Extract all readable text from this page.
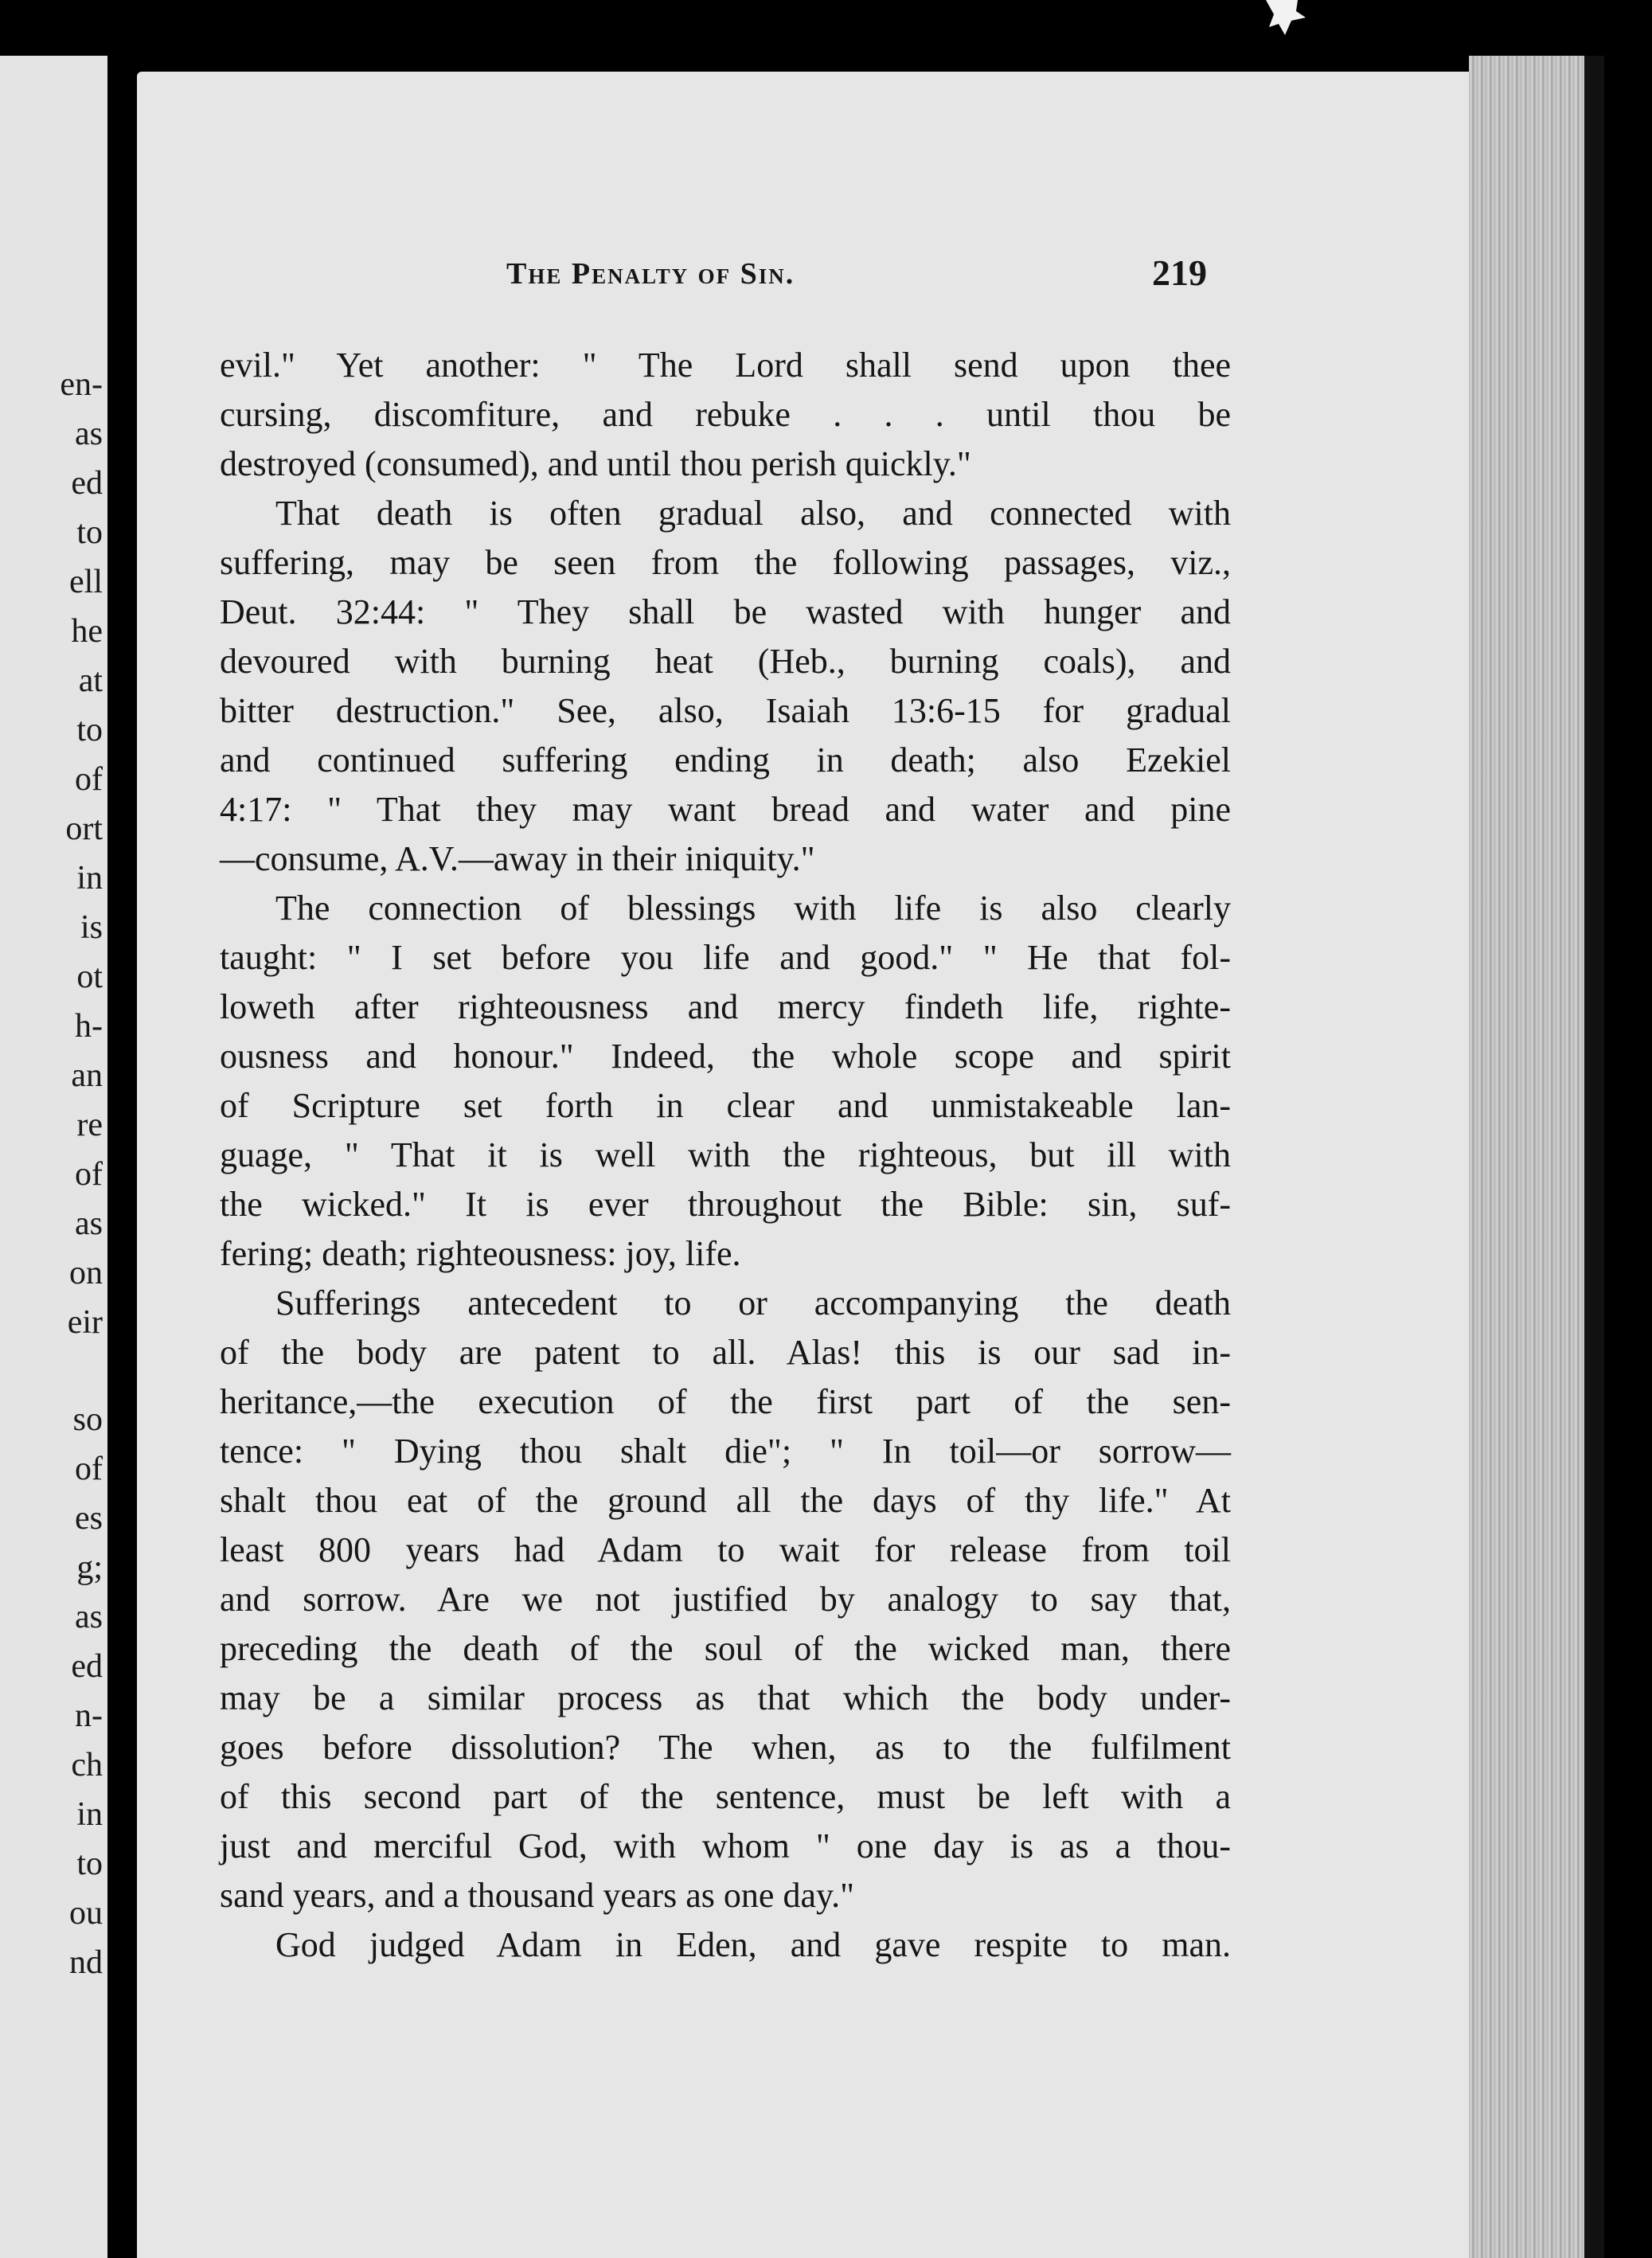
en-
as
ed
to
ell
he
at
to
of
ort
in
is
ot
h-
an
re
of
as
on
eir
so
of
es
g;
as
ed
n-
ch
in
to
ou
nd
The Penalty of Sin.	219
evil." Yet another: " The Lord shall send upon thee
cursing, discomfiture, and rebuke . . . until thou be
destroyed (consumed), and until thou perish quickly."
That death is often gradual also, and connected with
suffering, may be seen from the following passages, viz.,
Deut. 32:44: " They shall be wasted with hunger and
devoured with burning heat (Heb., burning coals), and
bitter destruction." See, also, Isaiah 13:6-15 for gradual
and continued suffering ending in death; also Ezekiel
4:17: " That they may want bread and water and pine
—consume, A.V.—away in their iniquity."
The connection of blessings with life is also clearly
taught: " I set before you life and good." " He that fol-
loweth after righteousness and mercy findeth life, righte-
ousness and honour." Indeed, the whole scope and spirit
of Scripture set forth in clear and unmistakeable lan-
guage, " That it is well with the righteous, but ill with
the wicked." It is ever throughout the Bible: sin, suf-
fering; death; righteousness: joy, life.
Sufferings antecedent to or accompanying the death
of the body are patent to all. Alas! this is our sad in-
heritance,—the execution of the first part of the sen-
tence: " Dying thou shalt die"; " In toil—or sorrow—
shalt thou eat of the ground all the days of thy life." At
least 800 years had Adam to wait for release from toil
and sorrow. Are we not justified by analogy to say that,
preceding the death of the soul of the wicked man, there
may be a similar process as that which the body under-
goes before dissolution? The when, as to the fulfilment
of this second part of the sentence, must be left with a
just and merciful God, with whom " one day is as a thou-
sand years, and a thousand years as one day."
God judged Adam in Eden, and gave respite to man.
